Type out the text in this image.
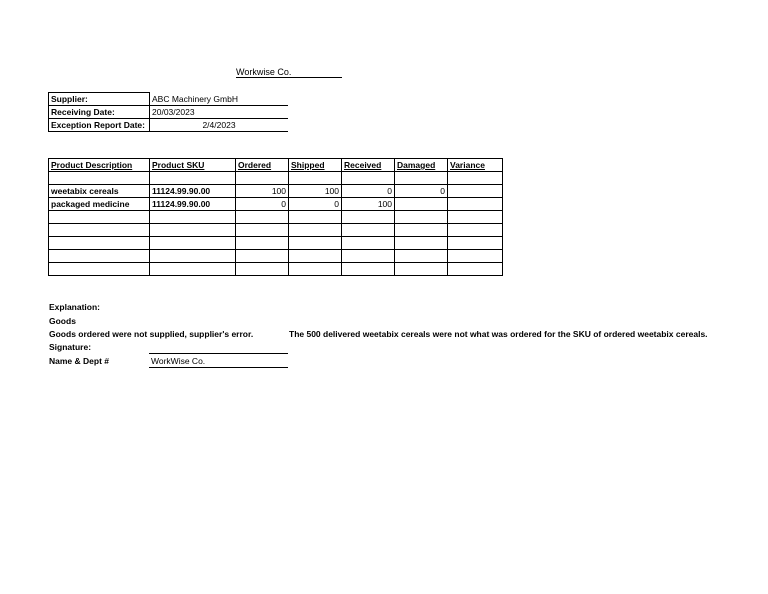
Workwise Co.
Supplier:	ABC Machinery GmbH
Receiving Date:	20/03/2023
Exception Report Date:	2/4/2023
Product Description	Product SKU	Ordered	Shipped	Received	Damaged	Variance

weetabix cereals	11124.99.90.00	100	100	0	0	
packaged medicine	11124.99.90.00	0	0	100		

Explanation:
Goods
Goods ordered were not supplied, supplier's error.	The 500 delivered weetabix cereals were not what was ordered for the SKU of ordered weetabix cereals.
Signature:
Name & Dept #	WorkWise Co.
